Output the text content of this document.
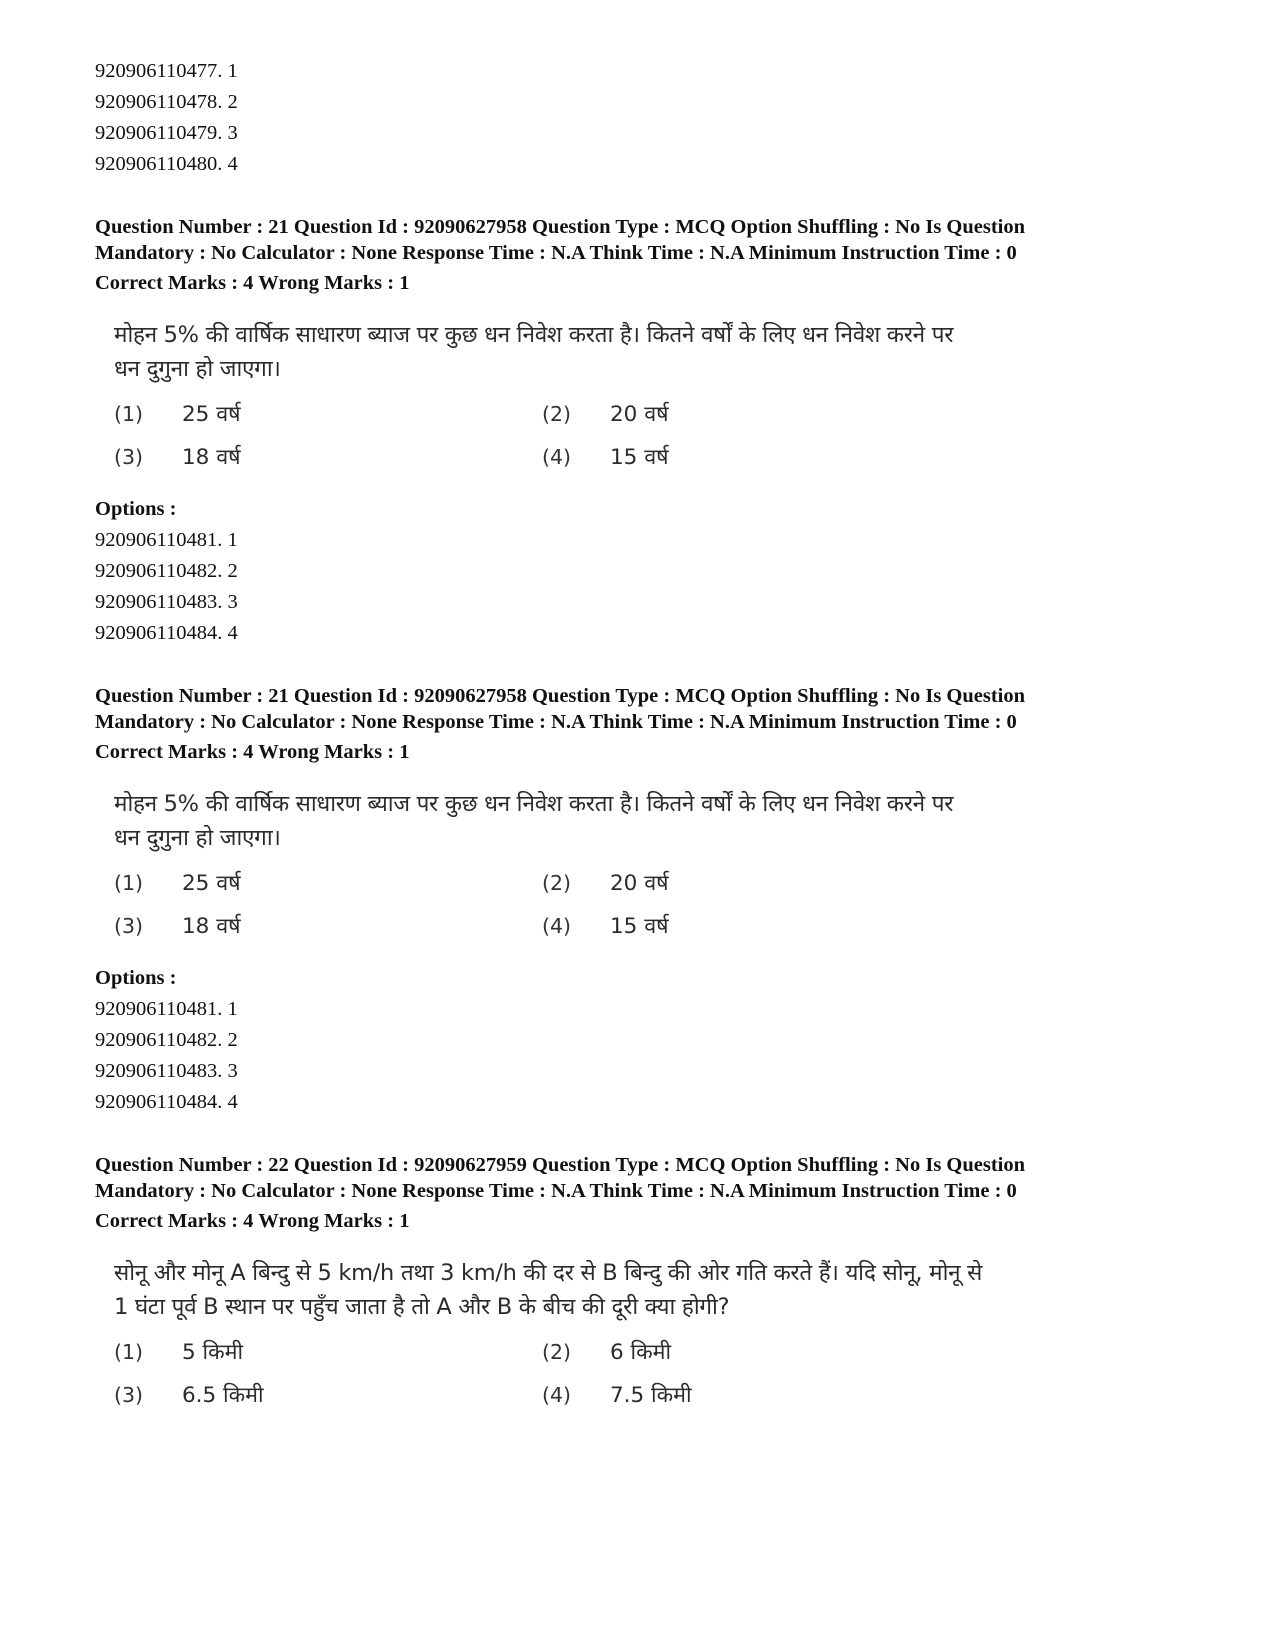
920906110477. 1
920906110478. 2
920906110479. 3
920906110480. 4
Question Number : 21 Question Id : 92090627958 Question Type : MCQ Option Shuffling : No Is Question
Mandatory : No Calculator : None Response Time : N.A Think Time : N.A Minimum Instruction Time : 0
Correct Marks : 4 Wrong Marks : 1
मोहन 5% की वार्षिक साधारण ब्याज पर कुछ धन निवेश करता है। कितने वर्षों के लिए धन निवेश करने पर
धन दुगुना हो जाएगा।
(1)	25 वर्ष	(2)	20 वर्ष
(3)	18 वर्ष	(4)	15 वर्ष
Options :
920906110481. 1
920906110482. 2
920906110483. 3
920906110484. 4
Question Number : 21 Question Id : 92090627958 Question Type : MCQ Option Shuffling : No Is Question
Mandatory : No Calculator : None Response Time : N.A Think Time : N.A Minimum Instruction Time : 0
Correct Marks : 4 Wrong Marks : 1
मोहन 5% की वार्षिक साधारण ब्याज पर कुछ धन निवेश करता है। कितने वर्षों के लिए धन निवेश करने पर
धन दुगुना हो जाएगा।
(1)	25 वर्ष	(2)	20 वर्ष
(3)	18 वर्ष	(4)	15 वर्ष
Options :
920906110481. 1
920906110482. 2
920906110483. 3
920906110484. 4
Question Number : 22 Question Id : 92090627959 Question Type : MCQ Option Shuffling : No Is Question
Mandatory : No Calculator : None Response Time : N.A Think Time : N.A Minimum Instruction Time : 0
Correct Marks : 4 Wrong Marks : 1
सोनू और मोनू A बिन्दु से 5 km/h तथा 3 km/h की दर से B बिन्दु की ओर गति करते हैं। यदि सोनू, मोनू से
1 घंटा पूर्व B स्थान पर पहुँच जाता है तो A और B के बीच की दूरी क्या होगी?
(1)	5 किमी	(2)	6 किमी
(3)	6.5 किमी	(4)	7.5 किमी
